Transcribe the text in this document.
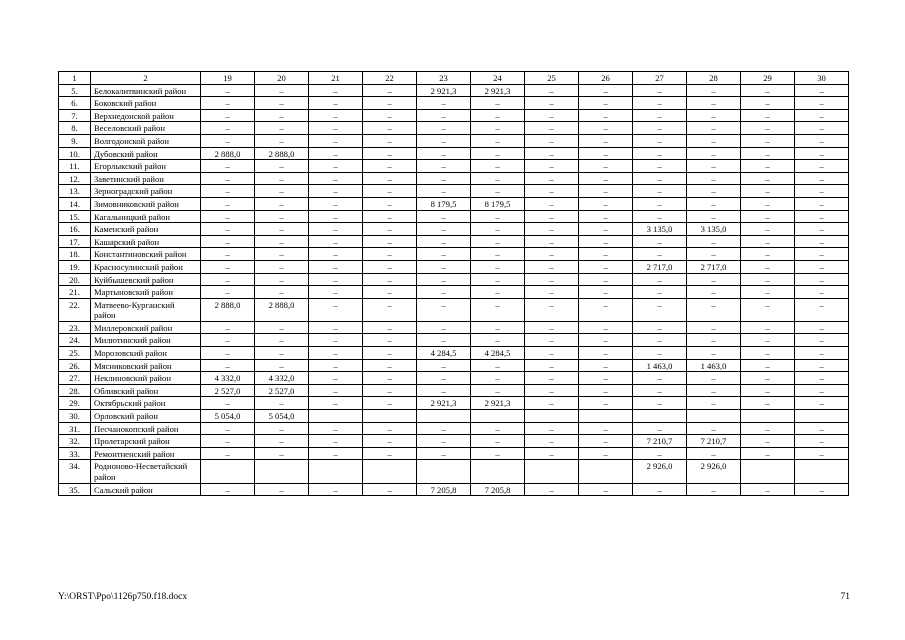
1	2	19	20	21	22	23	24	25	26	27	28	29	30
5.	Белокалитвинский район	–	–	–	–	2 921,3	2 921,3	–	–	–	–	–	–
6.	Боковский район	–	–	–	–	–	–	–	–	–	–	–	–
7.	Верхнедонской район	–	–	–	–	–	–	–	–	–	–	–	–
8.	Веселовский район	–	–	–	–	–	–	–	–	–	–	–	–
9.	Волгодонской район	–	–	–	–	–	–	–	–	–	–	–	–
10.	Дубовский район	2 888,0	2 888,0	–	–	–	–	–	–	–	–	–	–
11.	Егорлыкский район	–	–	–	–	–	–	–	–	–	–	–	–
12.	Заветинский район	–	–	–	–	–	–	–	–	–	–	–	–
13.	Зерноградский район	–	–	–	–	–	–	–	–	–	–	–	–
14.	Зимовниковский район	–	–	–	–	8 179,5	8 179,5	–	–	–	–	–	–
15.	Кагальницкий район	–	–	–	–	–	–	–	–	–	–	–	–
16.	Каменский район	–	–	–	–	–	–	–	–	3 135,0	3 135,0	–	–
17.	Кашарский район	–	–	–	–	–	–	–	–	–	–	–	–
18.	Константиновский район	–	–	–	–	–	–	–	–	–	–	–	–
19.	Красносулинский район	–	–	–	–	–	–	–	–	2 717,0	2 717,0	–	–
20.	Куйбышевский район	–	–	–	–	–	–	–	–	–	–	–	–
21.	Мартыновский район	–	–	–	–	–	–	–	–	–	–	–	–
22.	Матвеево-Курганский район	2 888,0	2 888,0	–	–	–	–	–	–	–	–	–	–
23.	Миллеровский район	–	–	–	–	–	–	–	–	–	–	–	–
24.	Милютинский район	–	–	–	–	–	–	–	–	–	–	–	–
25.	Морозовский район	–	–	–	–	4 284,5	4 284,5	–	–	–	–	–	–
26.	Мясниковский район	–	–	–	–	–	–	–	–	1 463,0	1 463,0	–	–
27.	Неклиновский район	4 332,0	4 332,0	–	–	–	–	–	–	–	–	–	–
28.	Обливский район	2 527,0	2 527,0	–	–	–	–	–	–	–	–	–	–
29.	Октябрьский район	–	–	–	–	2 921,3	2 921,3	–	–	–	–	–	–
30.	Орловский район	5 054,0	5 054,0										
31.	Песчанокопский район	–	–	–	–	–	–	–	–	–	–	–	–
32.	Пролетарский район	–	–	–	–	–	–	–	–	7 210,7	7 210,7	–	–
33.	Ремонтненский район	–	–	–	–	–	–	–	–	–	–	–	–
34.	Родионово-Несветайский район									2 926,0	2 926,0		
35.	Сальский район	–	–	–	–	7 205,8	7 205,8	–	–	–	–	–	–
Y:\ORST\Ppo\1126p750.f18.docx	71
